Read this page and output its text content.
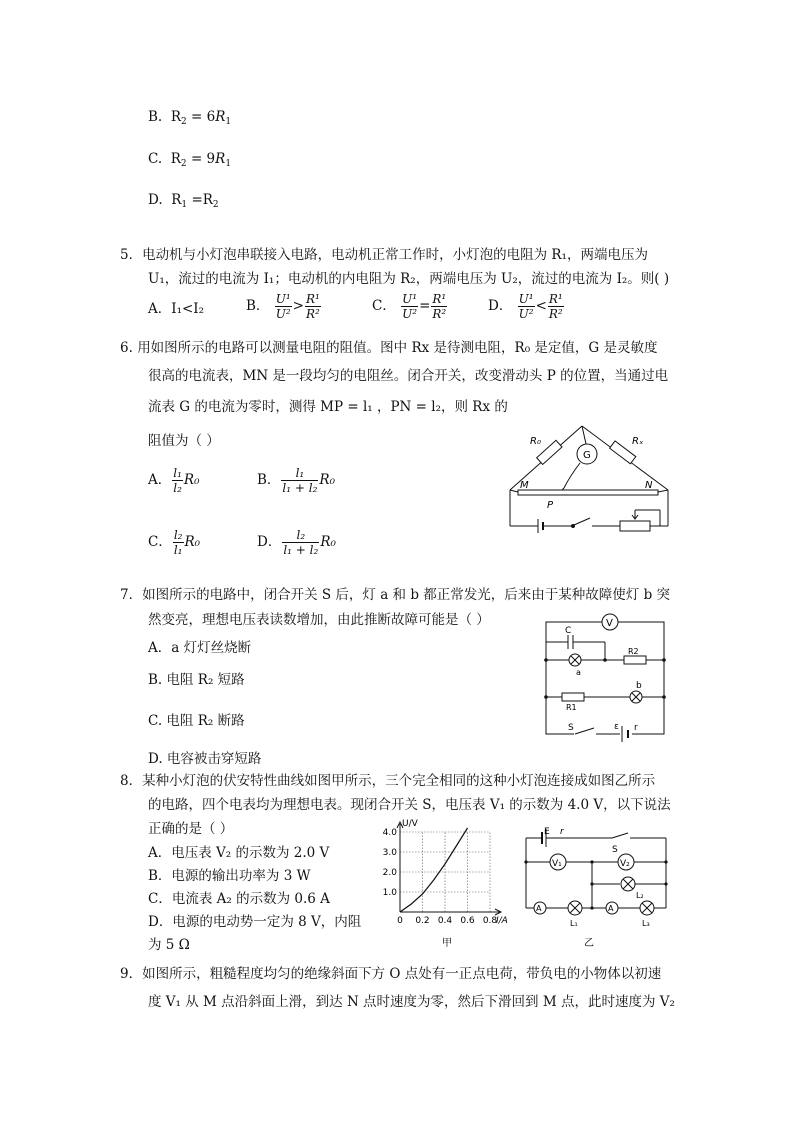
B. $R_2 = 6R_1$
C. $R_2 = 9R_1$
D. $R_1 =R_2$
5．电动机与小灯泡串联接入电路，电动机正常工作时，小灯泡的电阻为 R₁，两端电压为
U₁，流过的电流为 I₁；电动机的内电阻为 R₂，两端电压为 U₂，流过的电流为 I₂。则( )
A．I₁<I₂	B． $\frac{\text{U¹}}{\text{U²}} > \frac{\text{R¹}}{\text{R²}}$	C． $\frac{\text{U¹}}{\text{U²}} = \frac{\text{R¹}}{\text{R²}}$	D． $\frac{\text{U¹}}{\text{U²}} < \frac{\text{R¹}}{\text{R²}}$
6. 用如图所示的电路可以测量电阻的阻值。图中 Rx 是待测电阻，R₀ 是定值，G 是灵敏度
很高的电流表，MN 是一段均匀的电阻丝。闭合开关，改变滑动头 P 的位置，当通过电
流表 G 的电流为零时，测得 MP = l₁ ，PN = l₂，则 Rx 的
阻值为（ ）
A． $\frac{\text{l₁}}{\text{l₂}} R_0$	B． $\frac{\text{l₁}}{\text{l₁ + l₂}} R_0$
C． $\frac{\text{l₂}}{\text{l₁}} R_0$	D． $\frac{\text{l₂}}{\text{l₁ + l₂}} R_0$
R₀	Rₓ
G
M	N
P
7．如图所示的电路中，闭合开关 S 后，灯 a 和 b 都正常发光，后来由于某种故障使灯 b 突
然变亮，理想电压表读数增加，由此推断故障可能是（ ）
A．a 灯灯丝烧断
B. 电阻 R₂ 短路
C. 电阻 R₂ 断路
D. 电容被击穿短路
V
C
R2
a
b
R1
S	ε r
8．某种小灯泡的伏安特性曲线如图甲所示，三个完全相同的这种小灯泡连接成如图乙所示
的电路，四个电表均为理想电表。现闭合开关 S，电压表 V₁ 的示数为 4.0 V，以下说法
正确的是（ ）
A．电压表 V₂ 的示数为 2.0 V
B．电源的输出功率为 3 W
C．电流表 A₂ 的示数为 0.6 A
D．电源的电动势一定为 8 V，内阻
为 5 Ω
1.0
2.0
3.0
4.0
0 0.2 0.4 0.6 0.8
U/V
I/A
甲
E r
S
V₁	V₂
L₂
A	A
L₁	L₃
乙
9．如图所示，粗糙程度均匀的绝缘斜面下方 O 点处有一正点电荷，带负电的小物体以初速
度 V₁ 从 M 点沿斜面上滑，到达 N 点时速度为零，然后下滑回到 M 点，此时速度为 V₂
